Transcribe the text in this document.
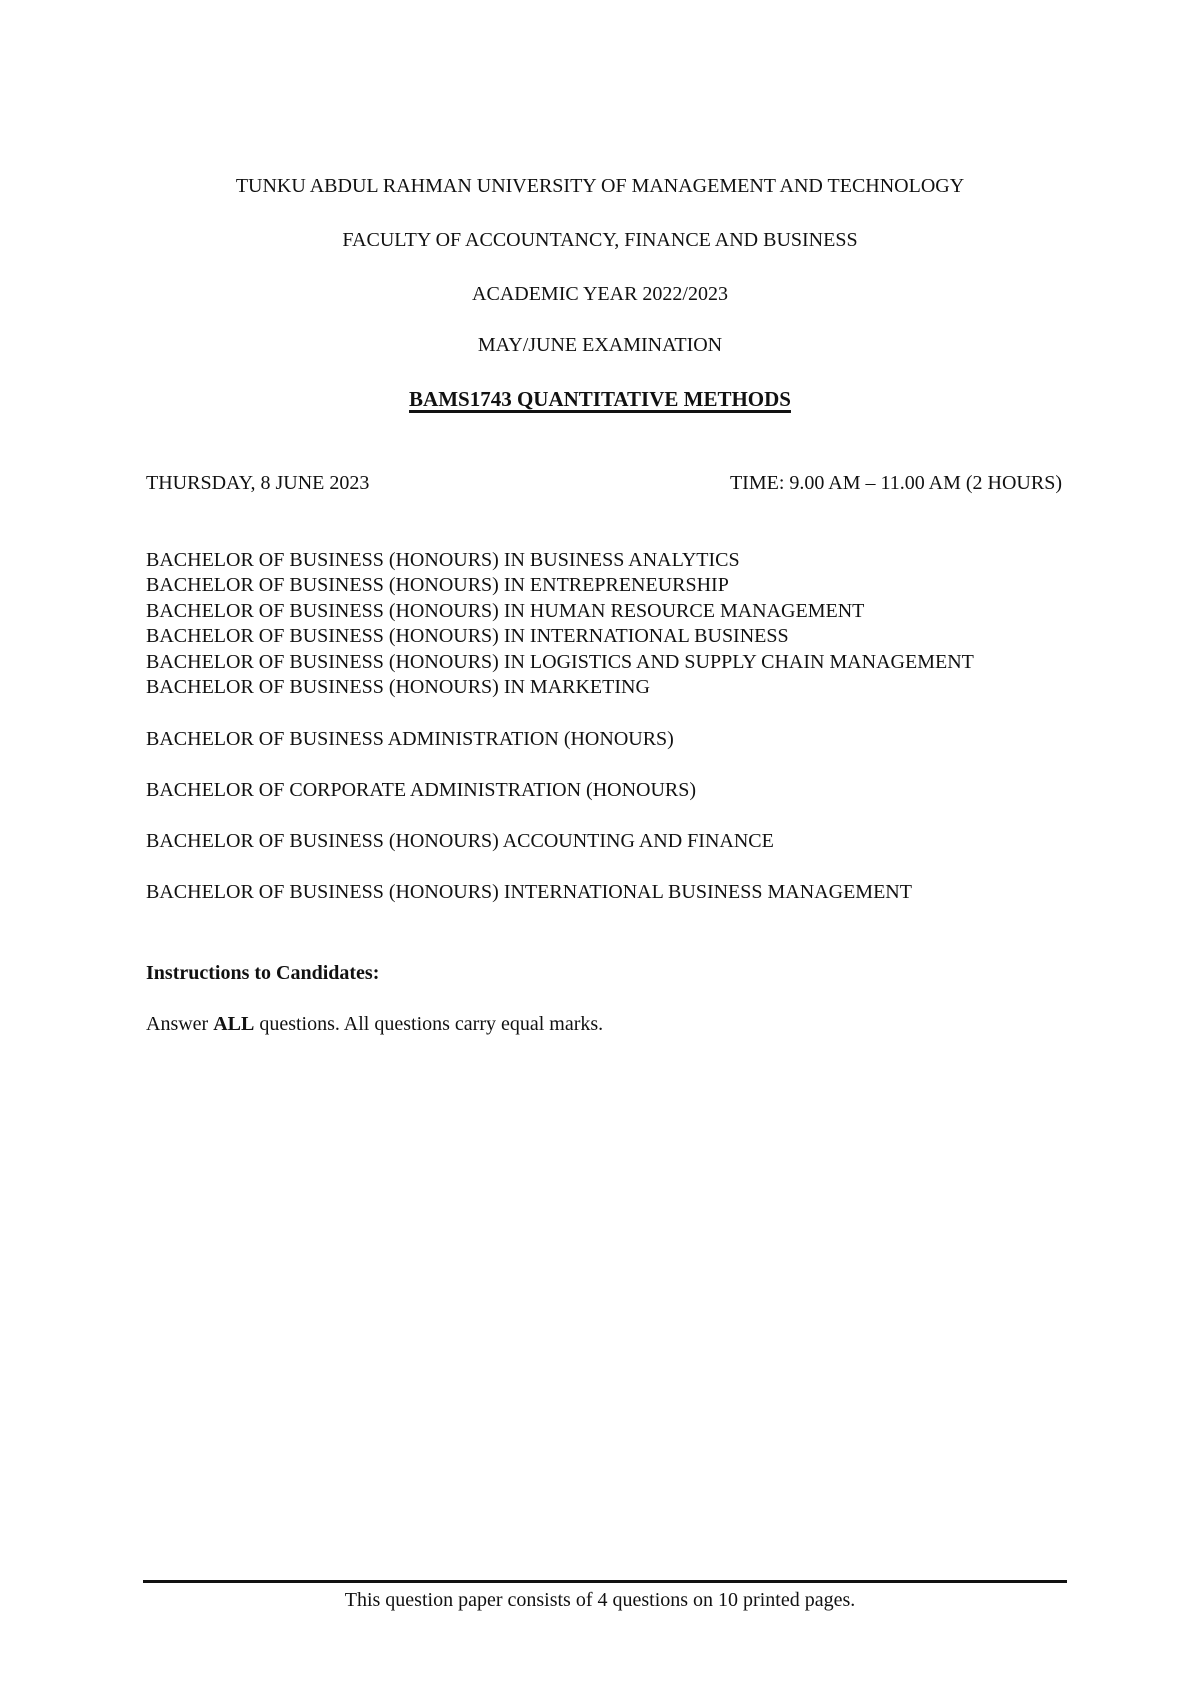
TUNKU ABDUL RAHMAN UNIVERSITY OF MANAGEMENT AND TECHNOLOGY
FACULTY OF ACCOUNTANCY, FINANCE AND BUSINESS
ACADEMIC YEAR 2022/2023
MAY/JUNE EXAMINATION
BAMS1743 QUANTITATIVE METHODS
THURSDAY, 8 JUNE 2023	TIME: 9.00 AM – 11.00 AM (2 HOURS)
BACHELOR OF BUSINESS (HONOURS) IN BUSINESS ANALYTICS
BACHELOR OF BUSINESS (HONOURS) IN ENTREPRENEURSHIP
BACHELOR OF BUSINESS (HONOURS) IN HUMAN RESOURCE MANAGEMENT
BACHELOR OF BUSINESS (HONOURS) IN INTERNATIONAL BUSINESS
BACHELOR OF BUSINESS (HONOURS) IN LOGISTICS AND SUPPLY CHAIN MANAGEMENT
BACHELOR OF BUSINESS (HONOURS) IN MARKETING
BACHELOR OF BUSINESS ADMINISTRATION (HONOURS)
BACHELOR OF CORPORATE ADMINISTRATION (HONOURS)
BACHELOR OF BUSINESS (HONOURS) ACCOUNTING AND FINANCE
BACHELOR OF BUSINESS (HONOURS) INTERNATIONAL BUSINESS MANAGEMENT
Instructions to Candidates:
Answer ALL questions. All questions carry equal marks.
This question paper consists of 4 questions on 10 printed pages.
